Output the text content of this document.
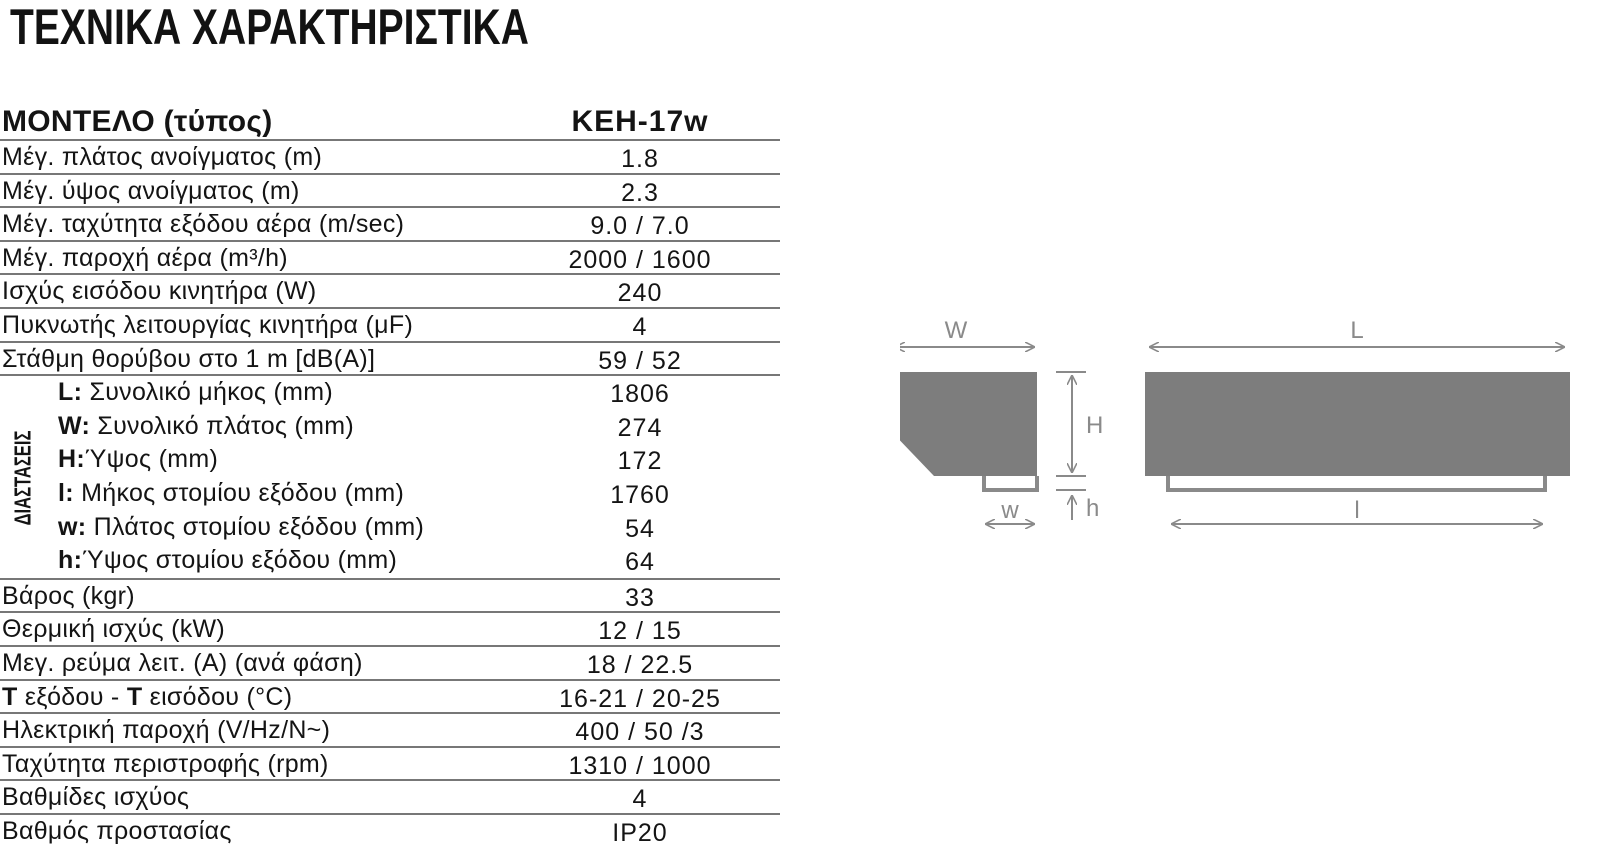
ΤΕΧΝΙΚΑ ΧΑΡΑΚΤΗΡΙΣΤΙΚΑ
ΜΟΝΤΕΛΟ (τύπος)	ΚΕΗ-17w
Μέγ. πλάτος ανοίγματος (m)	1.8
Μέγ. ύψος ανοίγματος (m)	2.3
Μέγ. ταχύτητα εξόδου αέρα (m/sec)	9.0 / 7.0
Μέγ. παροχή αέρα (m³/h)	2000 / 1600
Ισχύς εισόδου κινητήρα (W)	240
Πυκνωτής λειτουργίας κινητήρα (μF)	4
Στάθμη θορύβου στο 1 m [dB(A)]	59 / 52
ΔΙΑΣΤΑΣΕΙΣ
L: Συνολικό μήκος (mm)	1806
W: Συνολικό πλάτος (mm)	274
H:Ύψος (mm)	172
l: Μήκος στομίου εξόδου (mm)	1760
w: Πλάτος στομίου εξόδου (mm)	54
h:Ύψος στομίου εξόδου (mm)	64
Βάρος (kgr)	33
Θερμική ισχύς (kW)	12 / 15
Μεγ. ρεύμα λειτ. (A) (ανά φάση)	18 / 22.5
T εξόδου - T εισόδου (°C)	16-21 / 20-25
Ηλεκτρική παροχή (V/Hz/N~)	400 / 50 /3
Ταχύτητα περιστροφής (rpm)	1310 / 1000
Βαθμίδες ισχύος	4
Βαθμός προστασίας	IP20
W
H
h
w
L
l
